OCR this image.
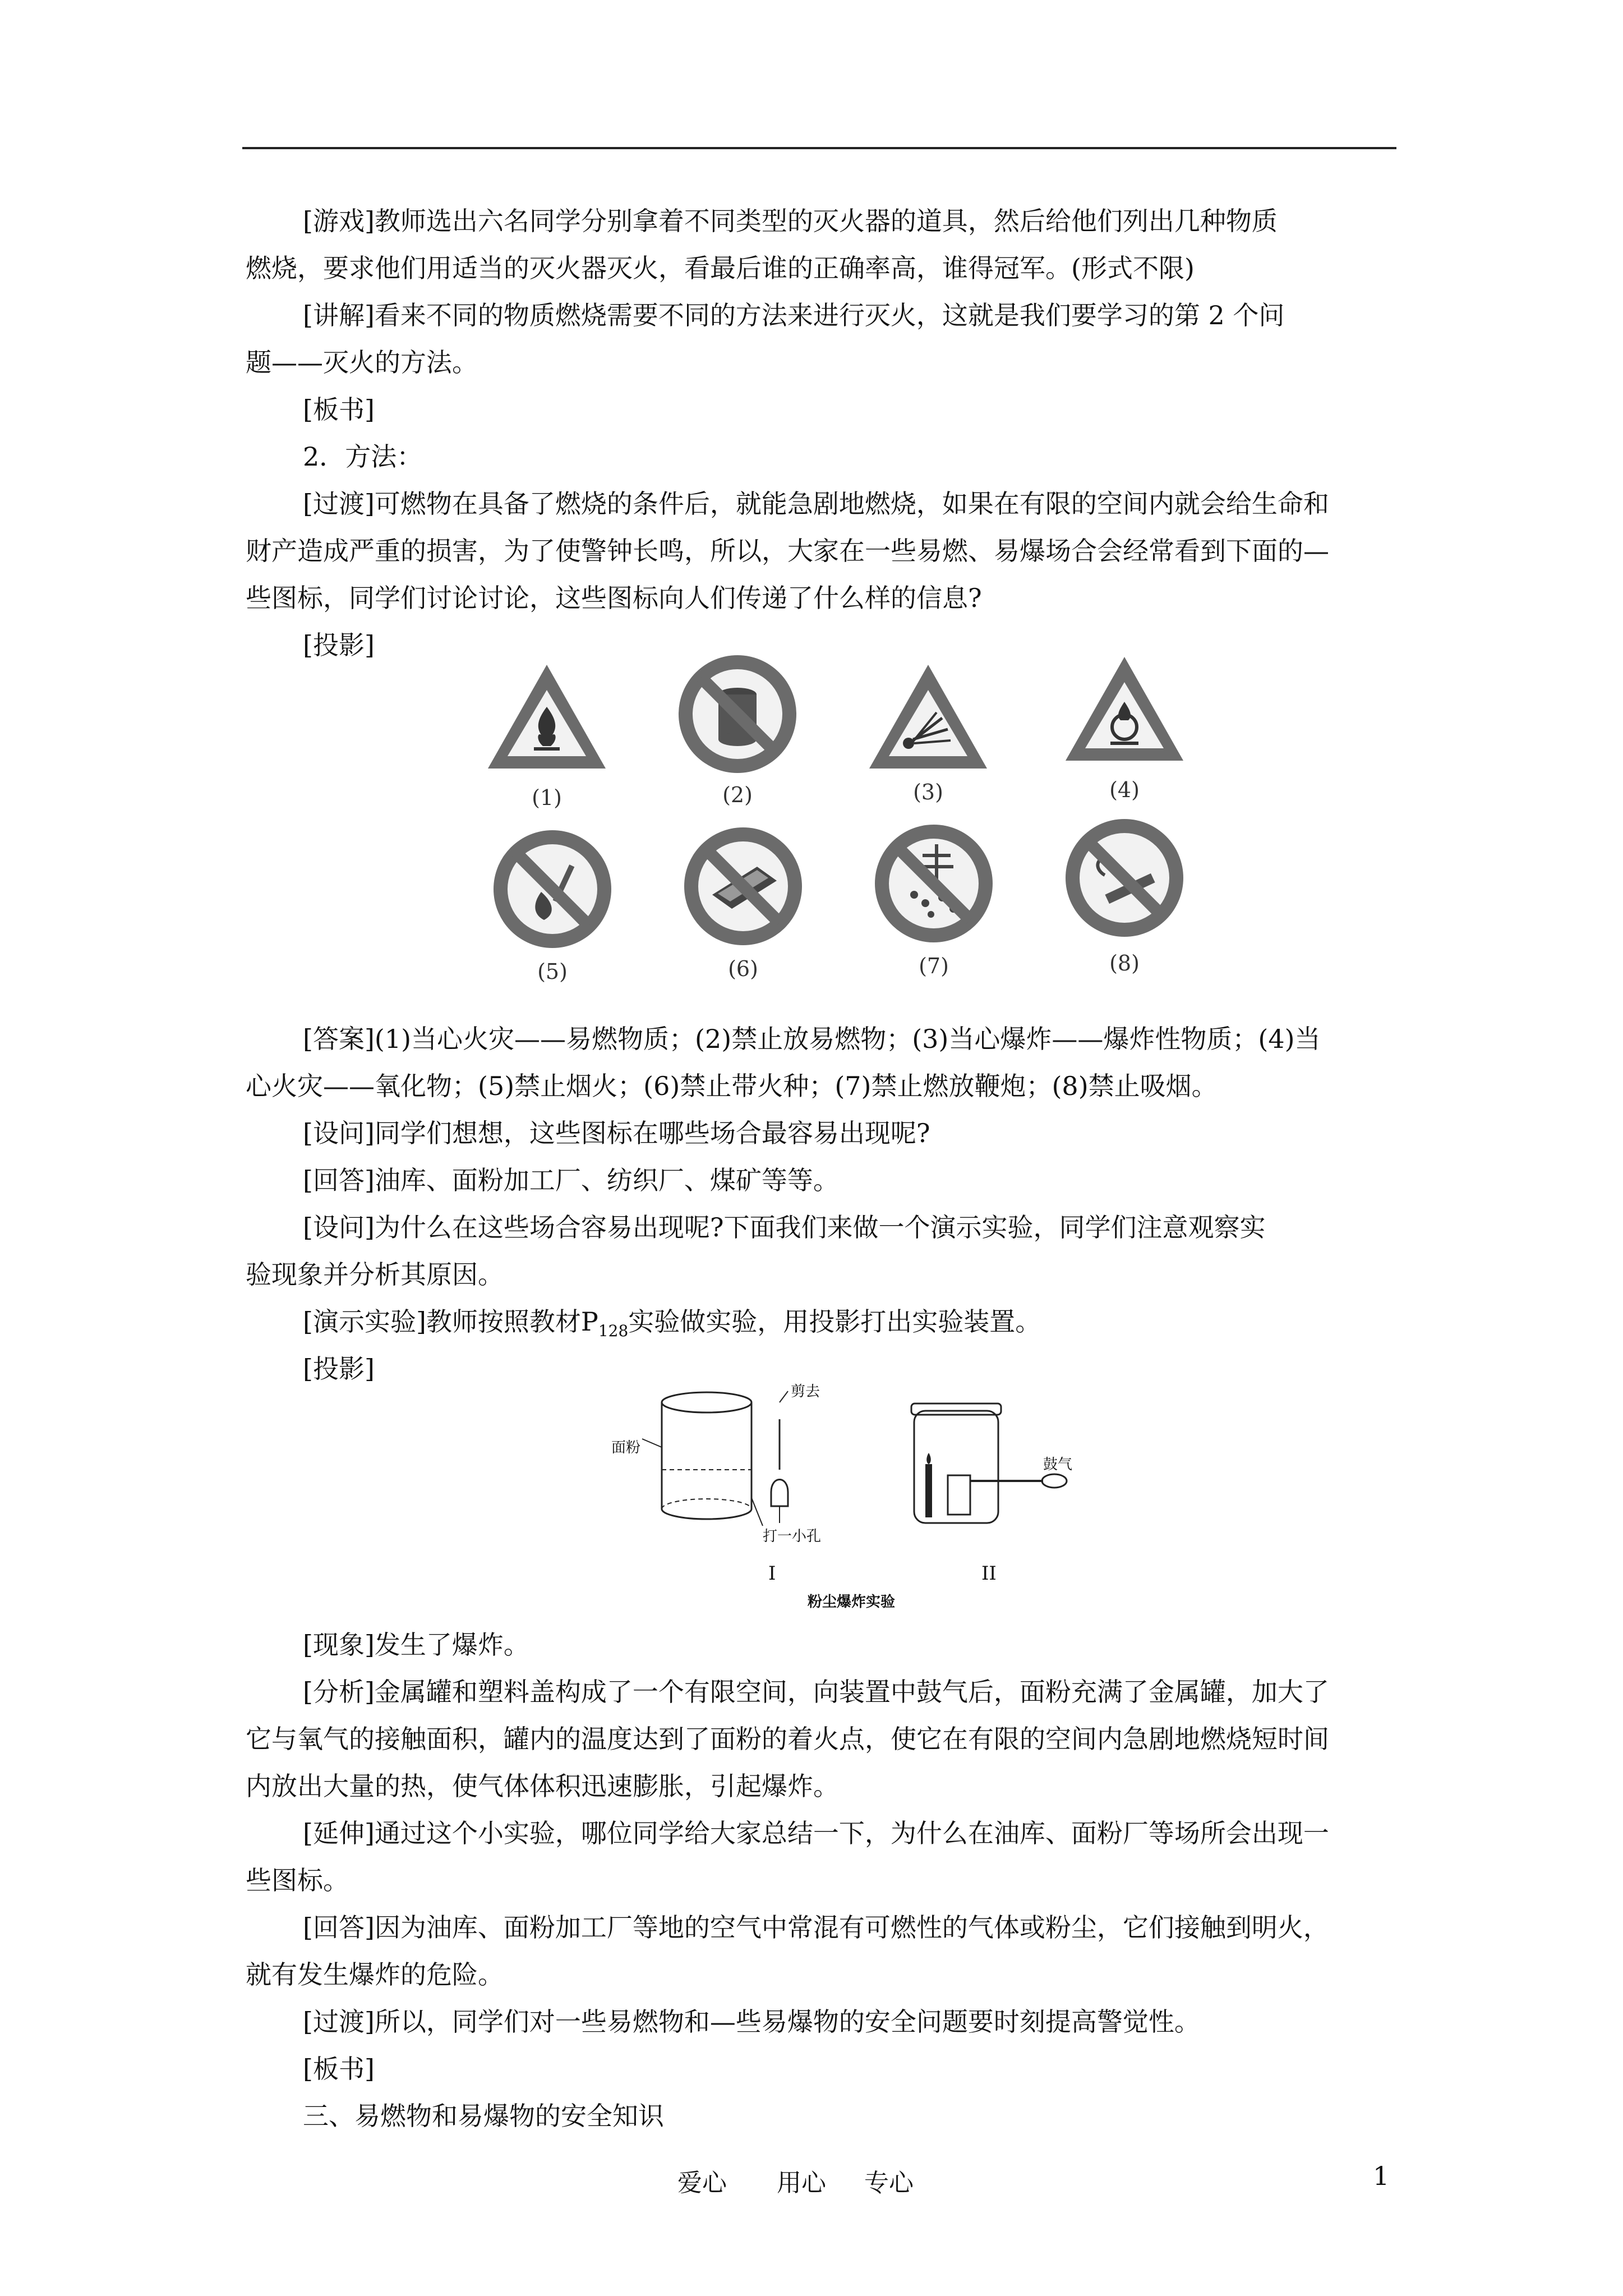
[游戏]教师选出六名同学分别拿着不同类型的灭火器的道具，然后给他们列出几种物质
燃烧，要求他们用适当的灭火器灭火，看最后谁的正确率高，谁得冠军。(形式不限)
[讲解]看来不同的物质燃烧需要不同的方法来进行灭火，这就是我们要学习的第 2 个问
题——灭火的方法。
[板书]
2．方法：
[过渡]可燃物在具备了燃烧的条件后，就能急剧地燃烧，如果在有限的空间内就会给生命和
财产造成严重的损害，为了使警钟长鸣，所以，大家在一些易燃、易爆场合会经常看到下面的—
些图标，同学们讨论讨论，这些图标向人们传递了什么样的信息?
[投影]
(1)	(2)	(3)	(4)
(5)	(6)	(7)	(8)
[答案](1)当心火灾——易燃物质；(2)禁止放易燃物；(3)当心爆炸——爆炸性物质；(4)当
心火灾——氧化物；(5)禁止烟火；(6)禁止带火种；(7)禁止燃放鞭炮；(8)禁止吸烟。
[设问]同学们想想，这些图标在哪些场合最容易出现呢?
[回答]油库、面粉加工厂、纺织厂、煤矿等等。
[设问]为什么在这些场合容易出现呢?下面我们来做一个演示实验，同学们注意观察实
验现象并分析其原因。
[演示实验]教师按照教材$P_{128}$实验做实验，用投影打出实验装置。
[投影]
面粉
剪去
打一小孔
鼓气
I	II
粉尘爆炸实验
[现象]发生了爆炸。
[分析]金属罐和塑料盖构成了一个有限空间，向装置中鼓气后，面粉充满了金属罐，加大了
它与氧气的接触面积，罐内的温度达到了面粉的着火点，使它在有限的空间内急剧地燃烧短时间
内放出大量的热，使气体体积迅速膨胀，引起爆炸。
[延伸]通过这个小实验，哪位同学给大家总结一下，为什么在油库、面粉厂等场所会出现一
些图标。
[回答]因为油库、面粉加工厂等地的空气中常混有可燃性的气体或粉尘，它们接触到明火，
就有发生爆炸的危险。
[过渡]所以，同学们对一些易燃物和—些易爆物的安全问题要时刻提高警觉性。
[板书]
三、易燃物和易爆物的安全知识
爱心 用心 专心	1
